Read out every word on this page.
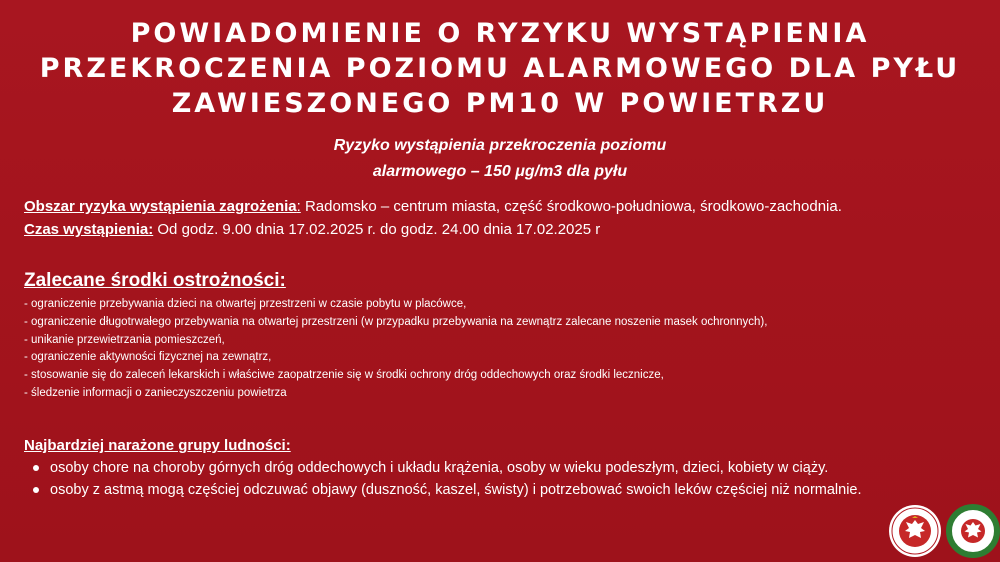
POWIADOMIENIE O RYZYKU WYSTĄPIENIA
PRZEKROCZENIA POZIOMU ALARMOWEGO DLA PYŁU
ZAWIESZONEGO PM10 W POWIETRZU
Ryzyko wystąpienia przekroczenia poziomu
alarmowego – 150 μg/m3 dla pyłu
Obszar ryzyka wystąpienia zagrożenia: Radomsko – centrum miasta, część środkowo-południowa, środkowo-zachodnia.
Czas wystąpienia: Od godz. 9.00 dnia 17.02.2025 r. do godz. 24.00 dnia 17.02.2025 r
Zalecane środki ostrożności:
- ograniczenie przebywania dzieci na otwartej przestrzeni w czasie pobytu w placówce,
- ograniczenie długotrwałego przebywania na otwartej przestrzeni (w przypadku przebywania na zewnątrz zalecane noszenie masek ochronnych),
- unikanie przewietrzania pomieszczeń,
- ograniczenie aktywności fizycznej na zewnątrz,
- stosowanie się do zaleceń lekarskich i właściwe zaopatrzenie się w środki ochrony dróg oddechowych oraz środki lecznicze,
- śledzenie informacji o zanieczyszczeniu powietrza
Najbardziej narażone grupy ludności:
osoby chore na choroby górnych dróg oddechowych i układu krążenia, osoby w wieku podeszłym, dzieci, kobiety w ciąży.
osoby z astmą mogą częściej odczuwać objawy (duszność, kaszel, świsty) i potrzebować swoich leków częściej niż normalnie.
